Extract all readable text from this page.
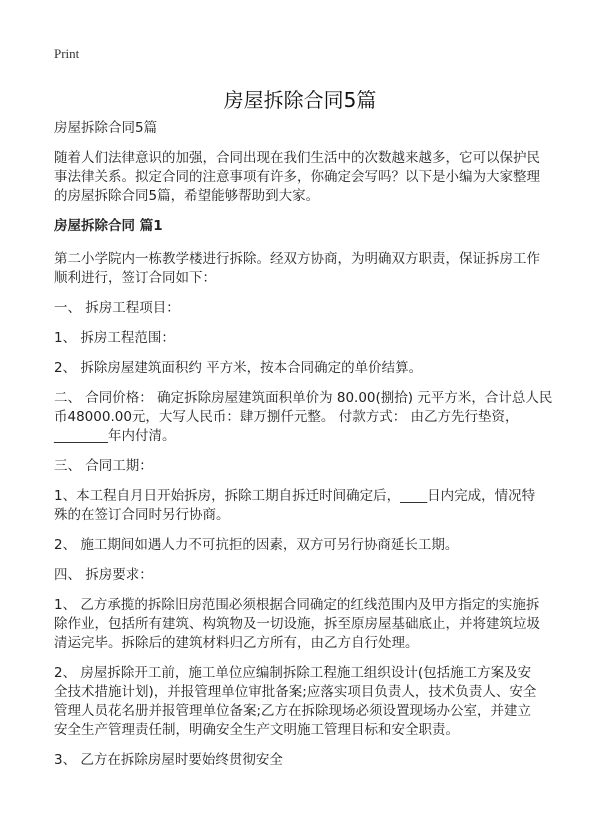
Print
房屋拆除合同5篇

房屋拆除合同5篇

随着人们法律意识的加强，合同出现在我们生活中的次数越来越多，它可以保护民
事法律关系。拟定合同的注意事项有许多，你确定会写吗？以下是小编为大家整理
的房屋拆除合同5篇，希望能够帮助到大家。

房屋拆除合同 篇1

第二小学院内一栋教学楼进行拆除。经双方协商，为明确双方职责，保证拆房工作
顺利进行，签订合同如下：

一、 拆房工程项目：

1、 拆房工程范围：

2、 拆除房屋建筑面积约 平方米，按本合同确定的单价结算。

二、 合同价格： 确定拆除房屋建筑面积单价为 80.00(捌拾) 元平方米，合计总人民
币48000.00元，大写人民币：肆万捌仟元整。 付款方式： 由乙方先行垫资，
________年内付清。

三、 合同工期：

1、本工程自月日开始拆房，拆除工期自拆迁时间确定后，____日内完成，情况特
殊的在签订合同时另行协商。

2、 施工期间如遇人力不可抗拒的因素，双方可另行协商延长工期。

四、 拆房要求：

1、 乙方承揽的拆除旧房范围必须根据合同确定的红线范围内及甲方指定的实施拆
除作业，包括所有建筑、构筑物及一切设施，拆至原房屋基础底止，并将建筑垃圾
清运完毕。拆除后的建筑材料归乙方所有，由乙方自行处理。

2、 房屋拆除开工前，施工单位应编制拆除工程施工组织设计(包括施工方案及安
全技术措施计划)，并报管理单位审批备案;应落实项目负责人，技术负责人、安全
管理人员花名册并报管理单位备案;乙方在拆除现场必须设置现场办公室，并建立
安全生产管理责任制，明确安全生产文明施工管理目标和安全职责。

3、 乙方在拆除房屋时要始终贯彻安全
